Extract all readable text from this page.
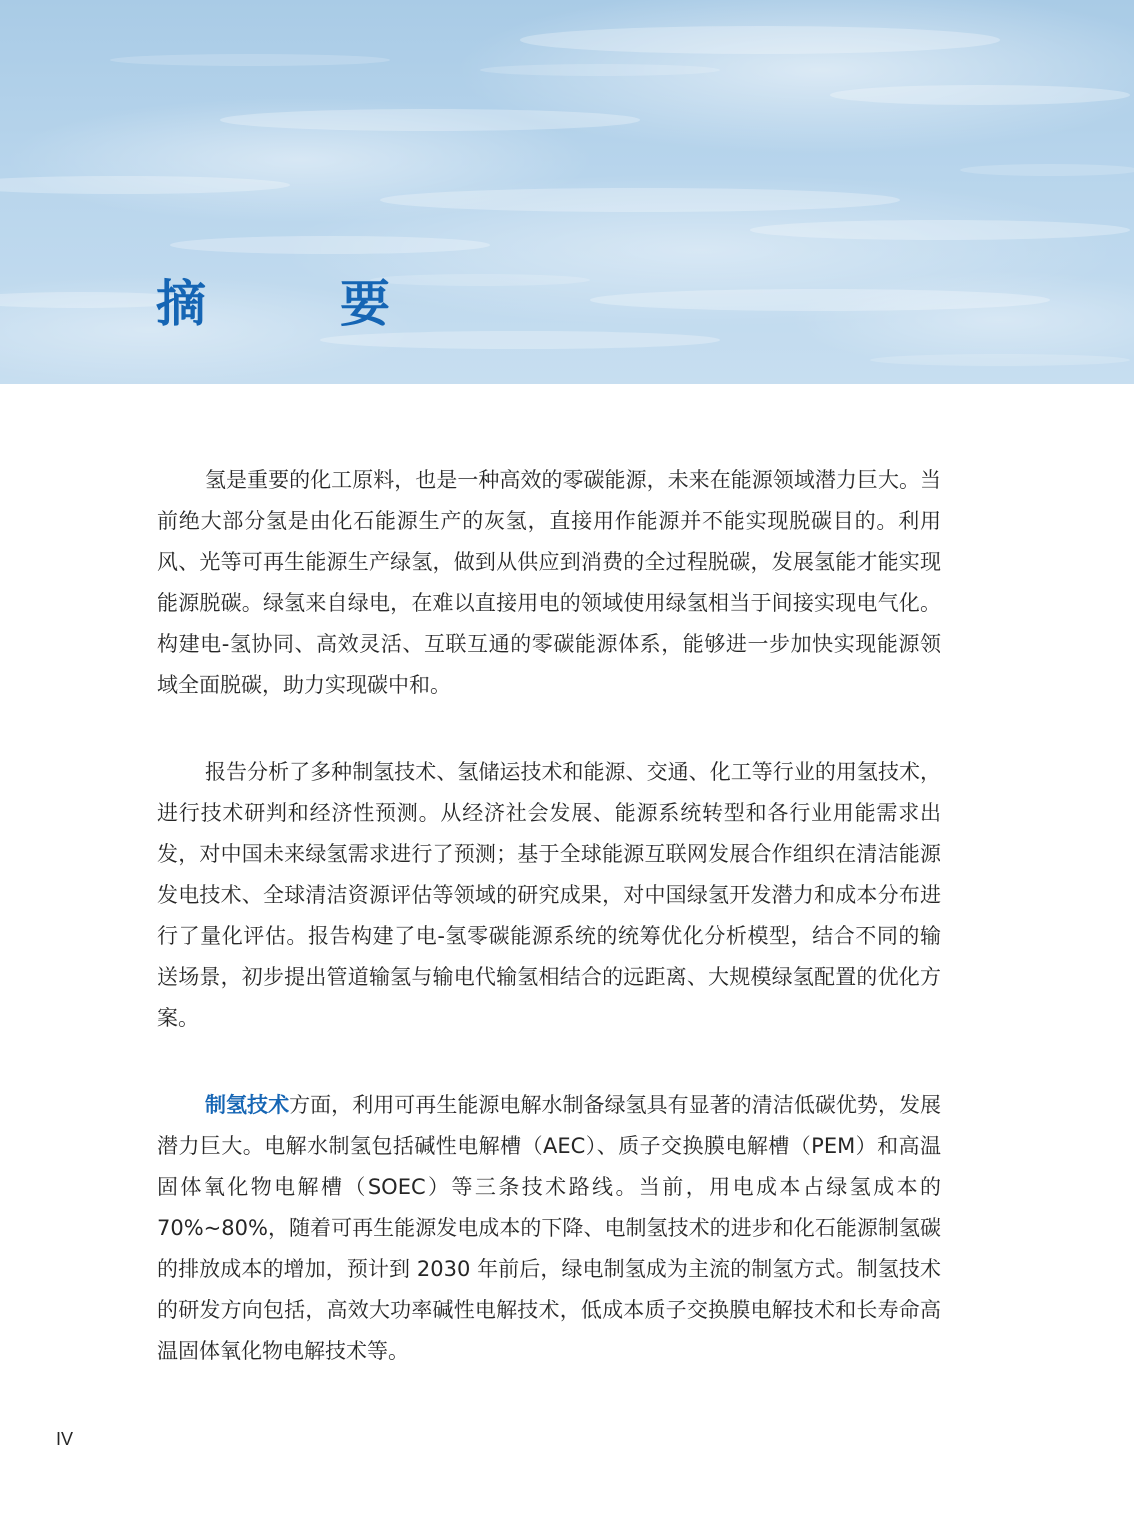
摘　要

氢是重要的化工原料，也是一种高效的零碳能源，未来在能源领域潜力巨大。当前绝大部分氢是由化石能源生产的灰氢，直接用作能源并不能实现脱碳目的。利用风、光等可再生能源生产绿氢，做到从供应到消费的全过程脱碳，发展氢能才能实现能源脱碳。绿氢来自绿电，在难以直接用电的领域使用绿氢相当于间接实现电气化。构建电-氢协同、高效灵活、互联互通的零碳能源体系，能够进一步加快实现能源领域全面脱碳，助力实现碳中和。

报告分析了多种制氢技术、氢储运技术和能源、交通、化工等行业的用氢技术，进行技术研判和经济性预测。从经济社会发展、能源系统转型和各行业用能需求出发，对中国未来绿氢需求进行了预测；基于全球能源互联网发展合作组织在清洁能源发电技术、全球清洁资源评估等领域的研究成果，对中国绿氢开发潜力和成本分布进行了量化评估。报告构建了电-氢零碳能源系统的统筹优化分析模型，结合不同的输送场景，初步提出管道输氢与输电代输氢相结合的远距离、大规模绿氢配置的优化方案。

制氢技术方面，利用可再生能源电解水制备绿氢具有显著的清洁低碳优势，发展潜力巨大。电解水制氢包括碱性电解槽（AEC）、质子交换膜电解槽（PEM）和高温固体氧化物电解槽（SOEC）等三条技术路线。当前，用电成本占绿氢成本的 70%~80%，随着可再生能源发电成本的下降、电制氢技术的进步和化石能源制氢碳的排放成本的增加，预计到 2030 年前后，绿电制氢成为主流的制氢方式。制氢技术的研发方向包括，高效大功率碱性电解技术，低成本质子交换膜电解技术和长寿命高温固体氧化物电解技术等。

IV
